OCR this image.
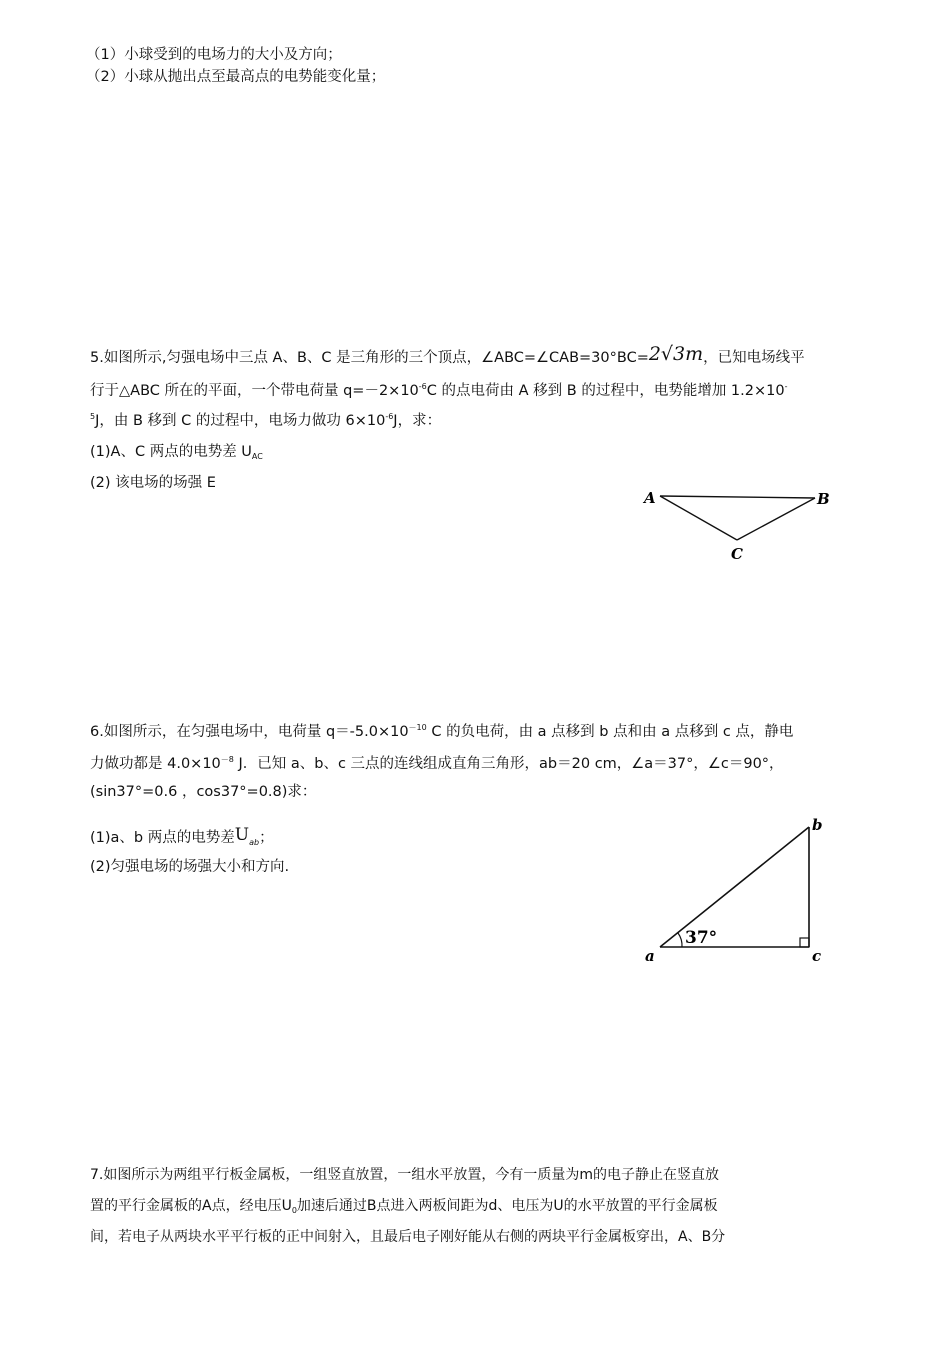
（1）小球受到的电场力的大小及方向；
（2）小球从抛出点至最高点的电势能变化量；
5.如图所示,匀强电场中三点 A、B、C 是三角形的三个顶点，∠ABC=∠CAB=30°BC=2√3m，已知电场线平
行于△ABC 所在的平面，一个带电荷量 $q=-2\times 10^{-6}C$ 的点电荷由 A 移到 B 的过程中，电势能增加 1.2×10-
$^5$J，由 B 移到 C 的过程中，电场力做功 $6\times 10^{-6}J$，求：
(1)A、C 两点的电势差 $U_{AC}$
(2) 该电场的场强 E
A	B
C
6.如图所示，在匀强电场中，电荷量 $q=-5.0\times 10^{-10}$ C 的负电荷，由 a 点移到 b 点和由 a 点移到 c 点，静电
力做功都是 $4.0\times 10^{-8}$ J．已知 a、b、c 三点的连线组成直角三角形，ab＝20 cm，∠a＝37°，∠c＝90°，
(sin37°=0.6 ，cos37°=0.8)求：
(1)a、b 两点的电势差$U_{ab}$；
(2)匀强电场的场强大小和方向.
37°
a
b
c
7.如图所示为两组平行板金属板，一组竖直放置，一组水平放置，今有一质量为m的电子静止在竖直放
置的平行金属板的A点，经电压$U_0$加速后通过B点进入两板间距为d、电压为U的水平放置的平行金属板
间，若电子从两块水平平行板的正中间射入，且最后电子刚好能从右侧的两块平行金属板穿出，A、B分
